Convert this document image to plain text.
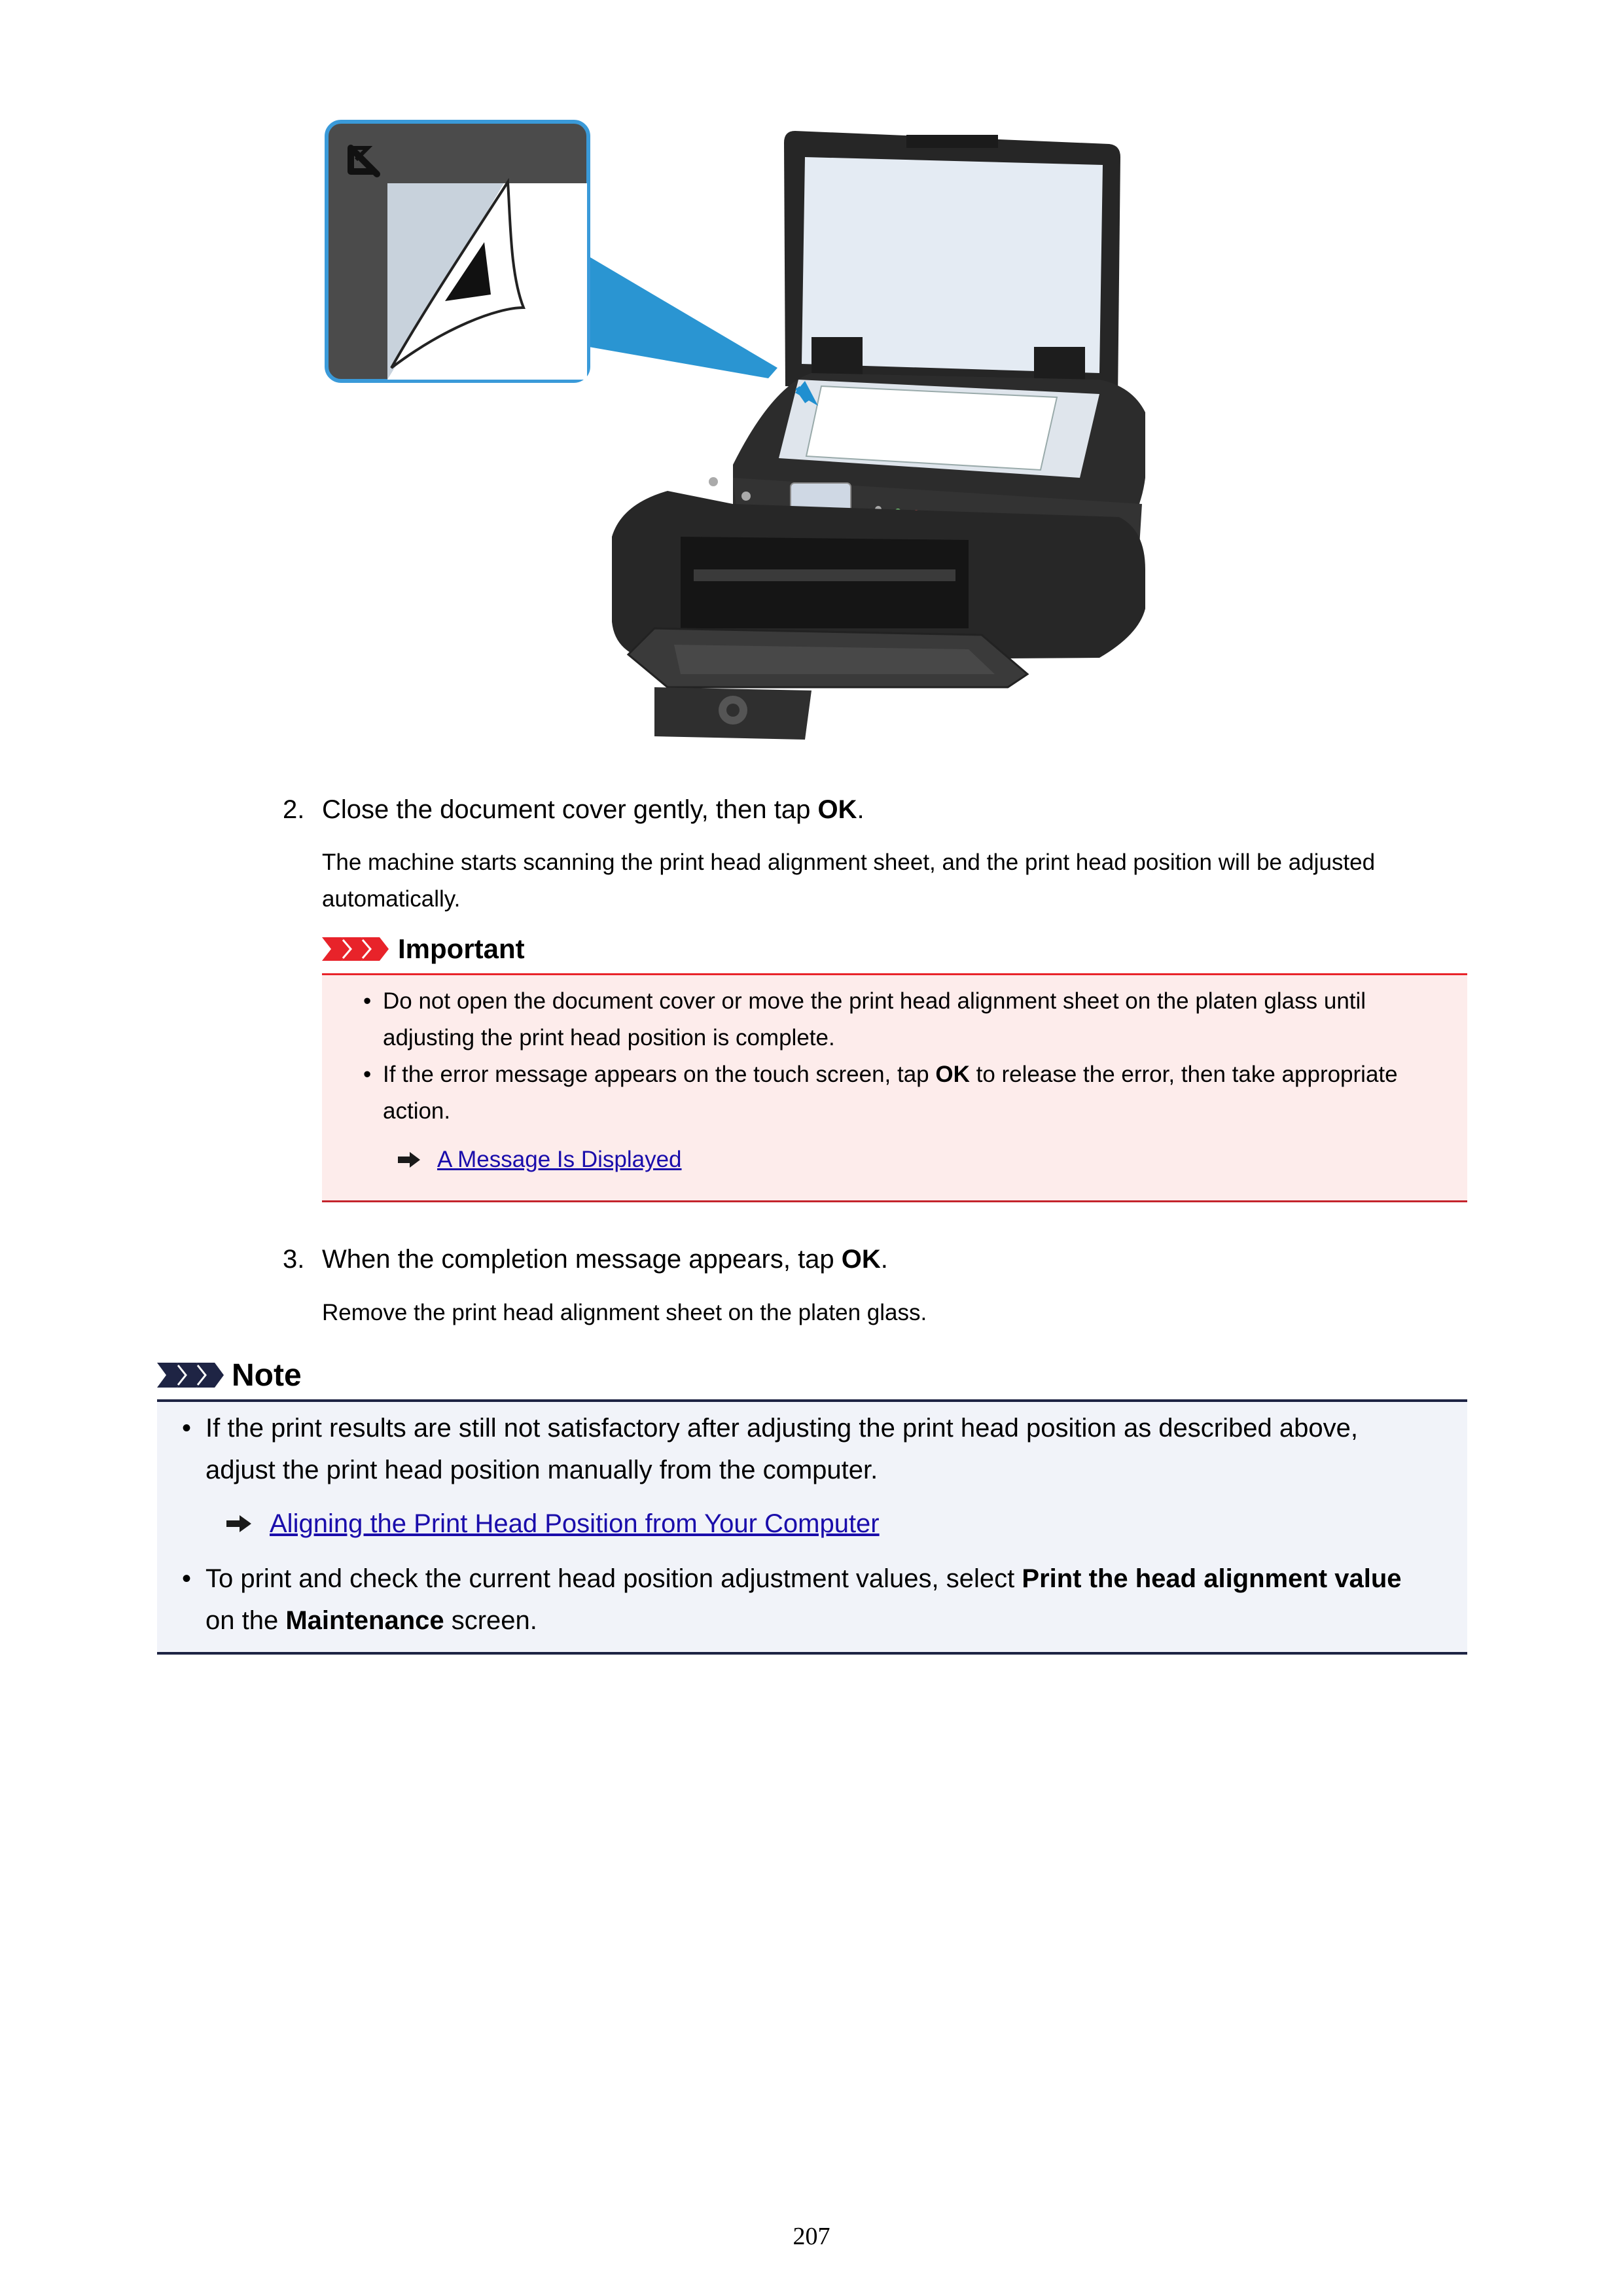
2. Close the document cover gently, then tap OK.
The machine starts scanning the print head alignment sheet, and the print head position will be adjusted
automatically.
Important
• Do not open the document cover or move the print head alignment sheet on the platen glass until
adjusting the print head position is complete.
• If the error message appears on the touch screen, tap OK to release the error, then take appropriate
action.
A Message Is Displayed
3. When the completion message appears, tap OK.
Remove the print head alignment sheet on the platen glass.
Note
• If the print results are still not satisfactory after adjusting the print head position as described above,
adjust the print head position manually from the computer.
Aligning the Print Head Position from Your Computer
• To print and check the current head position adjustment values, select Print the head alignment value
on the Maintenance screen.
207
